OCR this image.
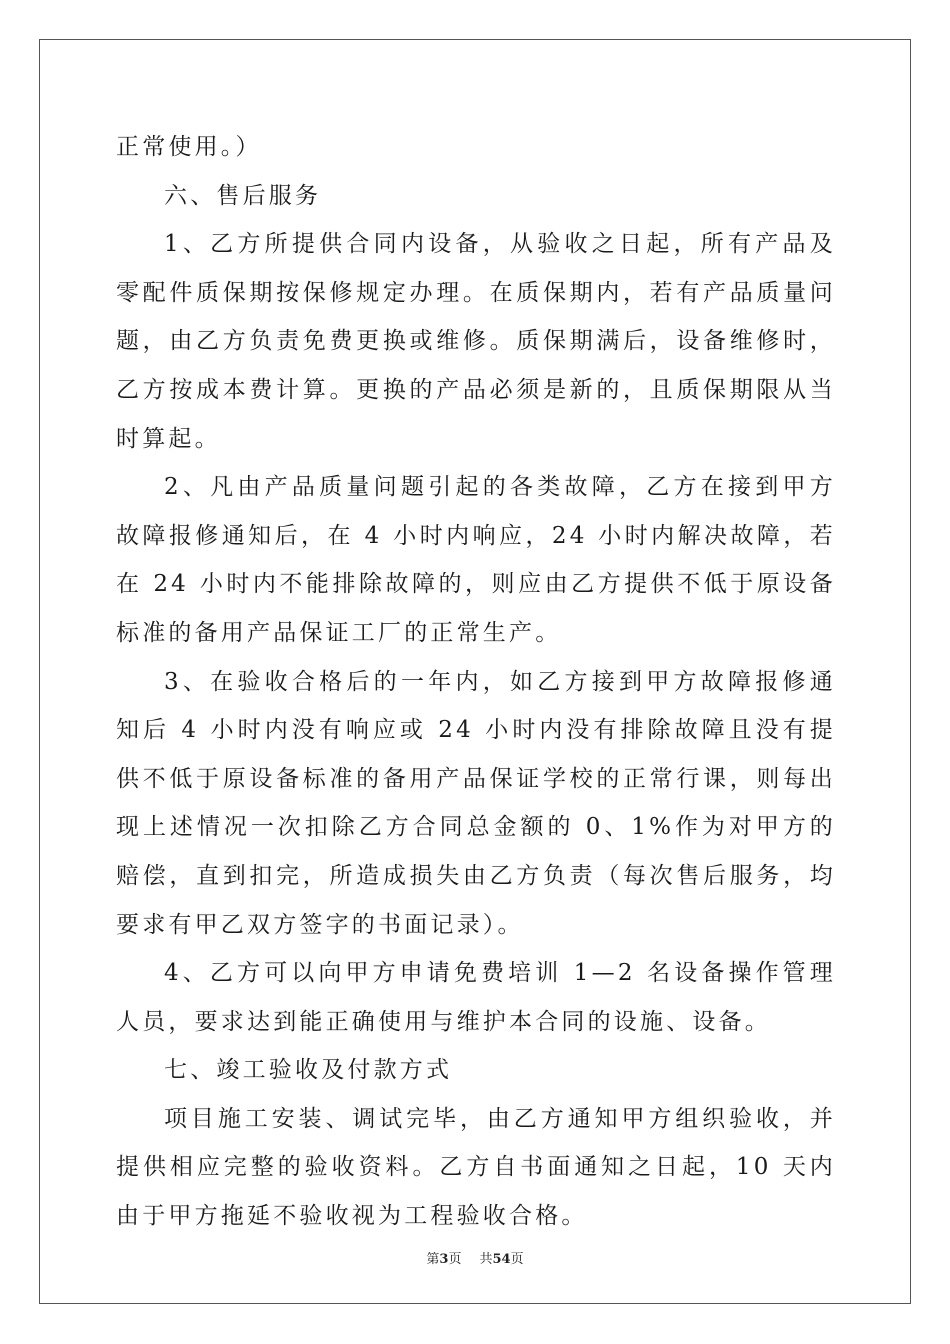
正常使用。）

六、售后服务

1、乙方所提供合同内设备，从验收之日起，所有产品及零配件质保期按保修规定办理。在质保期内，若有产品质量问题，由乙方负责免费更换或维修。质保期满后，设备维修时，乙方按成本费计算。更换的产品必须是新的，且质保期限从当时算起。

2、凡由产品质量问题引起的各类故障，乙方在接到甲方故障报修通知后，在 4 小时内响应，24 小时内解决故障，若在 24 小时内不能排除故障的，则应由乙方提供不低于原设备标准的备用产品保证工厂的正常生产。

3、在验收合格后的一年内，如乙方接到甲方故障报修通知后 4 小时内没有响应或 24 小时内没有排除故障且没有提供不低于原设备标准的备用产品保证学校的正常行课，则每出现上述情况一次扣除乙方合同总金额的 0、1%作为对甲方的赔偿，直到扣完，所造成损失由乙方负责（每次售后服务，均要求有甲乙双方签字的书面记录）。

4、乙方可以向甲方申请免费培训 1—2 名设备操作管理人员，要求达到能正确使用与维护本合同的设施、设备。

七、竣工验收及付款方式

项目施工安装、调试完毕，由乙方通知甲方组织验收，并提供相应完整的验收资料。乙方自书面通知之日起，10 天内由于甲方拖延不验收视为工程验收合格。

第3页 共54页
